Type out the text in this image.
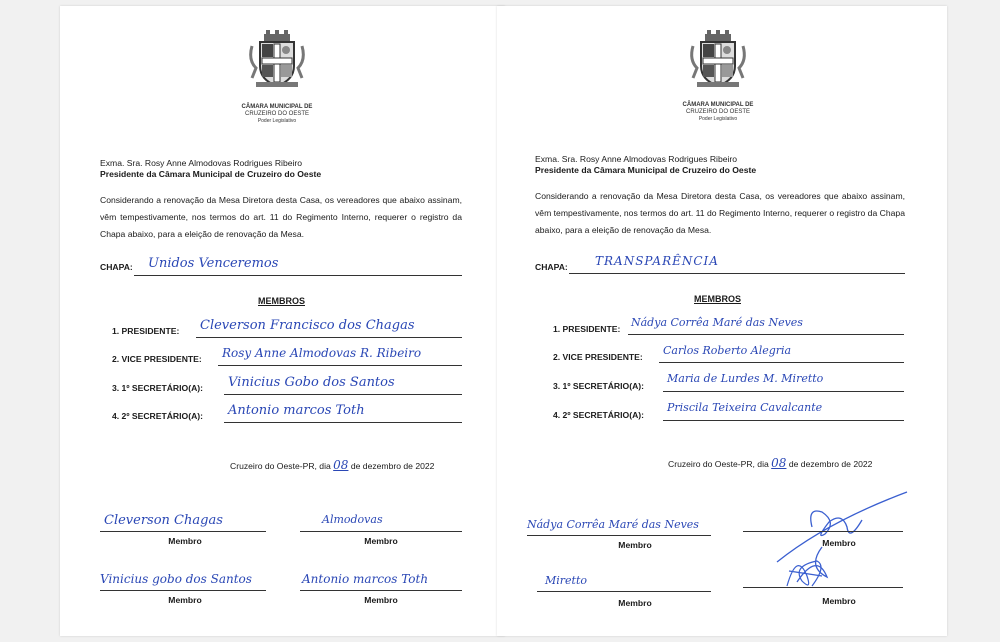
CÂMARA MUNICIPAL DE
CRUZEIRO DO OESTE
Poder Legislativo
Exma. Sra. Rosy Anne Almodovas Rodrigues Ribeiro
Presidente da Câmara Municipal de Cruzeiro do Oeste
Considerando a renovação da Mesa Diretora desta Casa, os vereadores que abaixo assinam, vêm tempestivamente, nos termos do art. 11 do Regimento Interno, requerer o registro da Chapa abaixo, para a eleição de renovação da Mesa.
CHAPA: Unidos Venceremos
MEMBROS
1. PRESIDENTE: Cleverson Francisco dos Chagas
2. VICE PRESIDENTE: Rosy Anne Almodovas R. Ribeiro
3. 1º SECRETÁRIO(A): Vinicius Gobo dos Santos
4. 2º SECRETÁRIO(A): Antonio marcos Toth
Cruzeiro do Oeste-PR, dia 08 de dezembro de 2022
Cleverson Chagas
Membro
Almodovas
Membro
Vinicius gobo dos Santos
Membro
Antonio marcos Toth
Membro
CÂMARA MUNICIPAL DE
CRUZEIRO DO OESTE
Poder Legislativo
Exma. Sra. Rosy Anne Almodovas Rodrigues Ribeiro
Presidente da Câmara Municipal de Cruzeiro do Oeste
Considerando a renovação da Mesa Diretora desta Casa, os vereadores que abaixo assinam, vêm tempestivamente, nos termos do art. 11 do Regimento Interno, requerer o registro da Chapa abaixo, para a eleição de renovação da Mesa.
CHAPA: TRANSPARÊNCIA
MEMBROS
1. PRESIDENTE: Nádya Corrêa Maré das Neves
2. VICE PRESIDENTE: Carlos Roberto Alegria
3. 1º SECRETÁRIO(A):
Maria de Lurdes M. Miretto
4. 2º SECRETÁRIO(A):
Priscila Teixeira Cavalcante
Cruzeiro do Oeste-PR, dia 08 de dezembro de 2022
Nádya Corrêa Maré das Neves
Membro	Membro
Miretto
Membro	Membro
